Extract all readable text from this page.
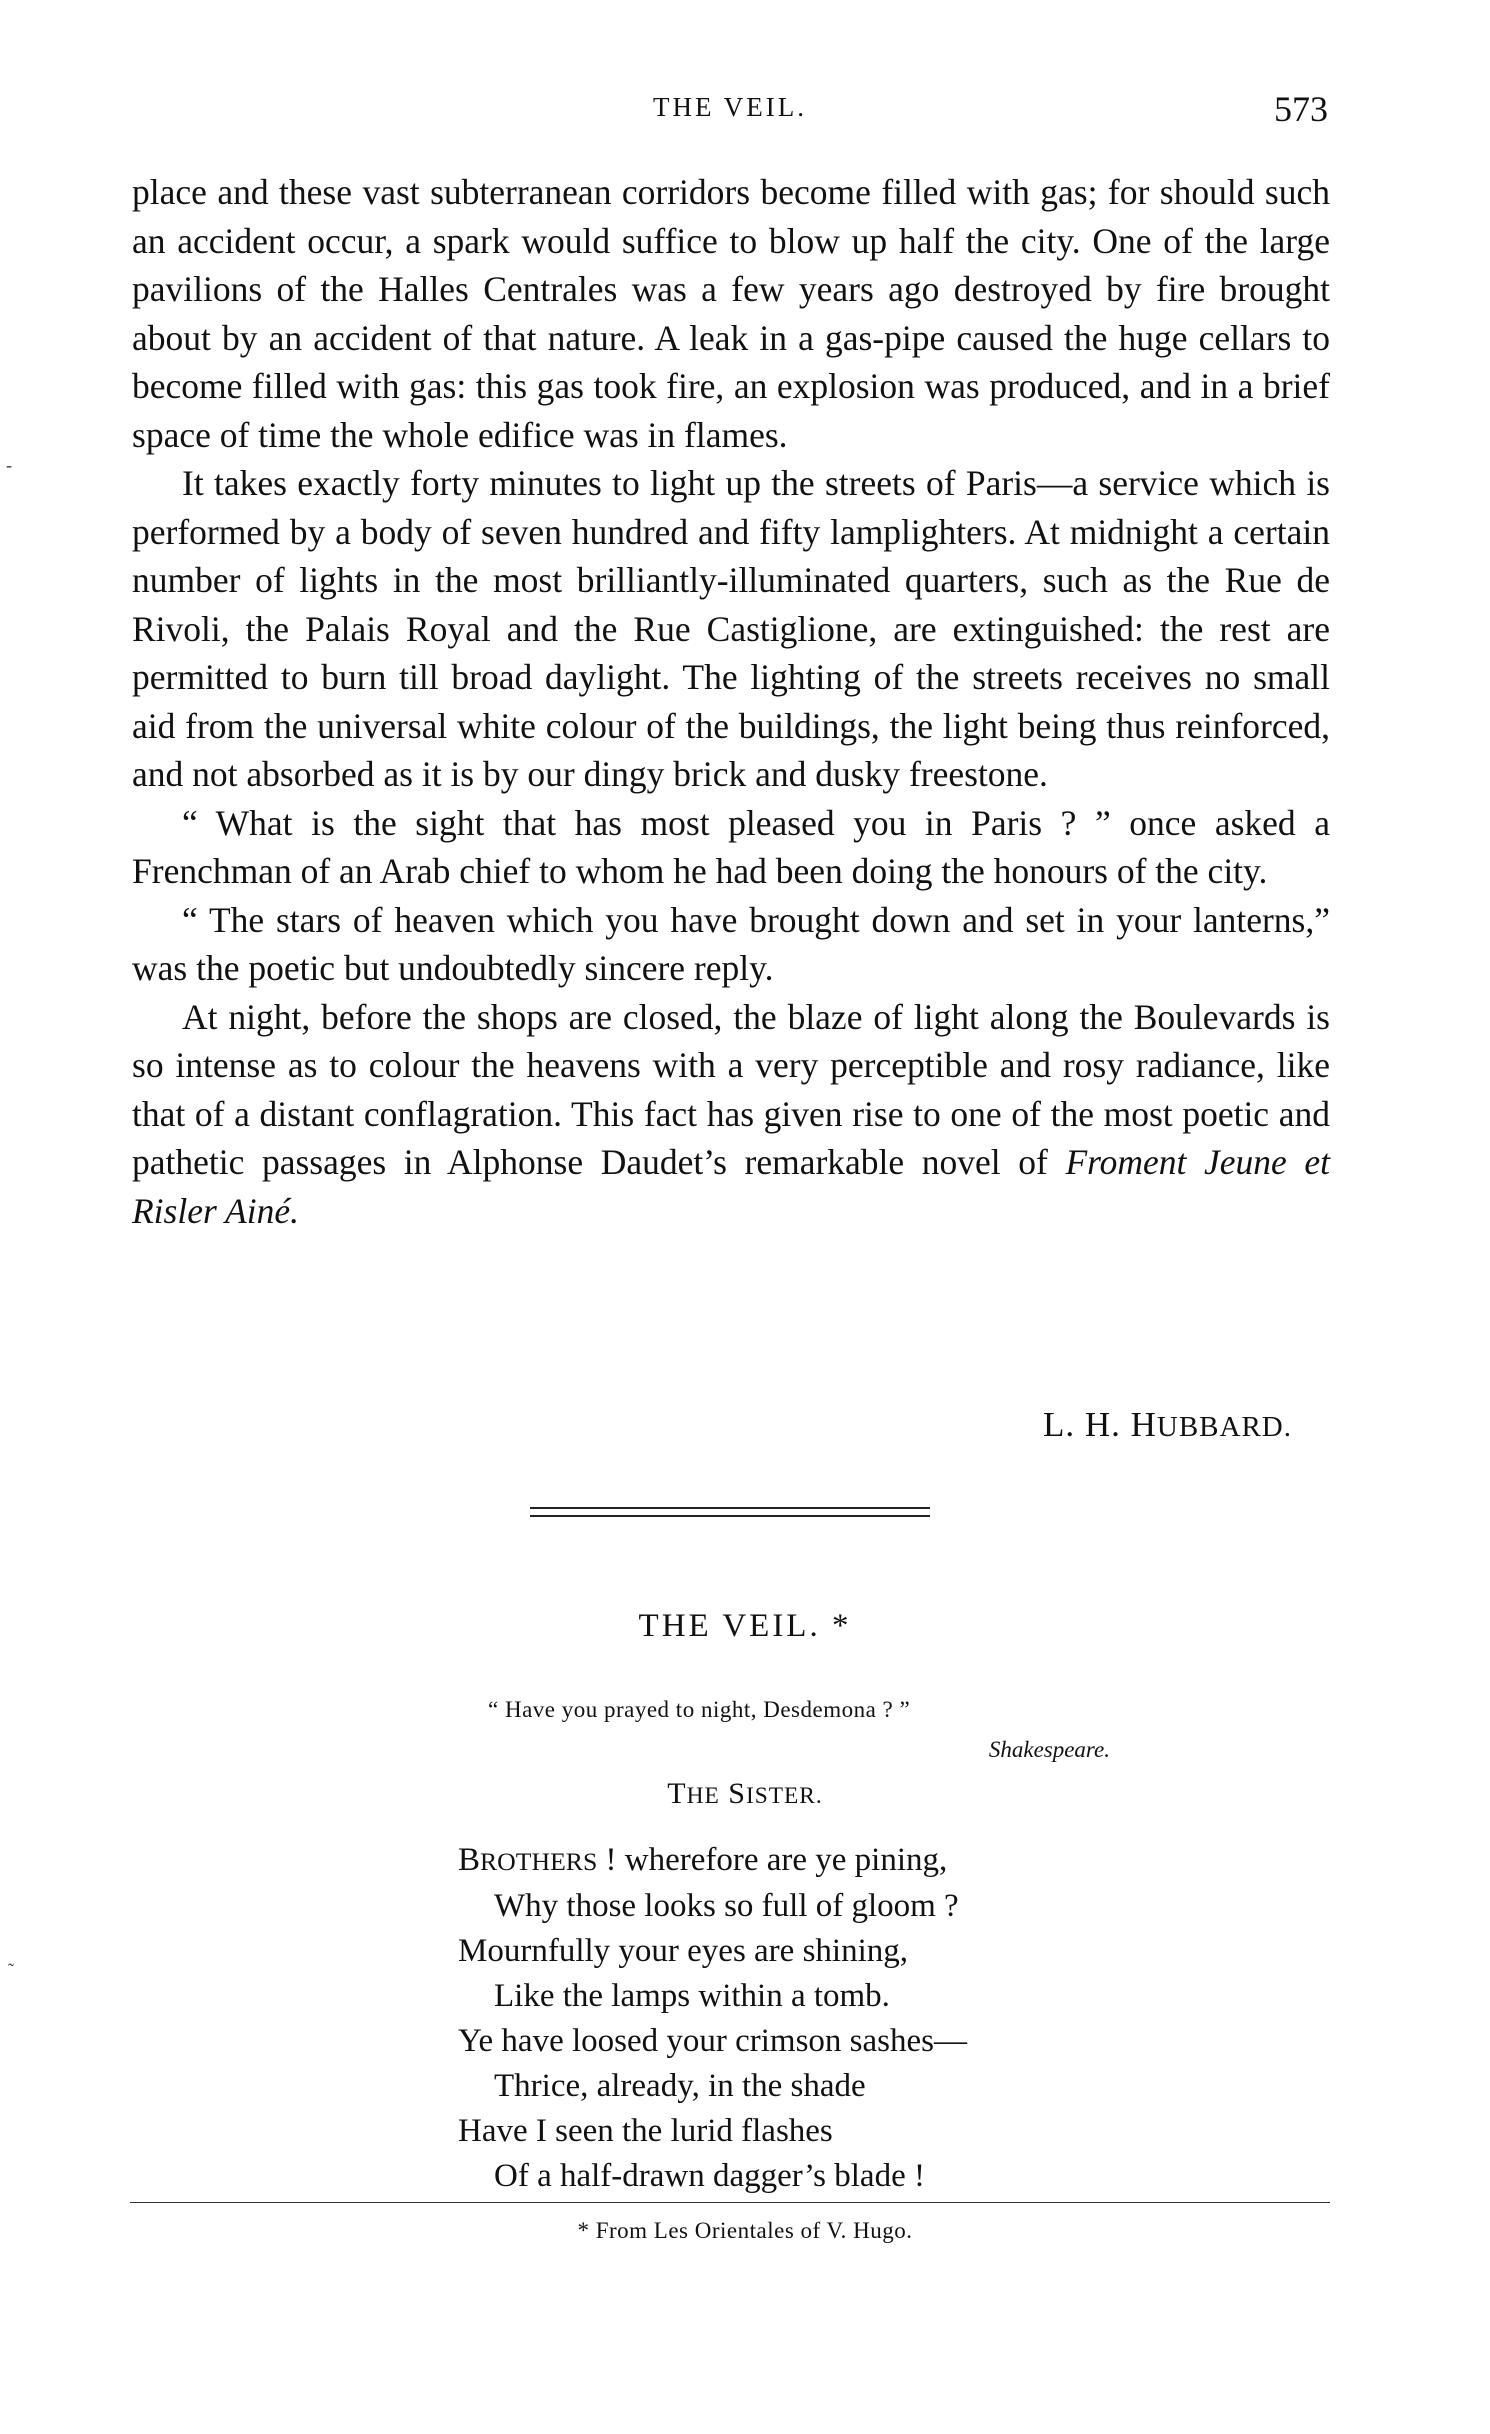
THE VEIL.	573

place and these vast subterranean corridors become filled with gas; for should such an accident occur, a spark would suffice to blow up half the city. One of the large pavilions of the Halles Centrales was a few years ago destroyed by fire brought about by an accident of that nature. A leak in a gas-pipe caused the huge cellars to become filled with gas: this gas took fire, an explosion was produced, and in a brief space of time the whole edifice was in flames.

It takes exactly forty minutes to light up the streets of Paris—a service which is performed by a body of seven hundred and fifty lamplighters. At midnight a certain number of lights in the most brilliantly-illuminated quarters, such as the Rue de Rivoli, the Palais Royal and the Rue Castiglione, are extinguished: the rest are permitted to burn till broad daylight. The lighting of the streets receives no small aid from the universal white colour of the buildings, the light being thus reinforced, and not absorbed as it is by our dingy brick and dusky freestone.

“ What is the sight that has most pleased you in Paris ? ” once asked a Frenchman of an Arab chief to whom he had been doing the honours of the city.

“ The stars of heaven which you have brought down and set in your lanterns,” was the poetic but undoubtedly sincere reply.

At night, before the shops are closed, the blaze of light along the Boulevards is so intense as to colour the heavens with a very perceptible and rosy radiance, like that of a distant conflagration. This fact has given rise to one of the most poetic and pathetic passages in Alphonse Daudet’s remarkable novel of Froment Jeune et Risler Ainé.

L. H. HUBBARD.
THE VEIL. *
“ Have you prayed to night, Desdemona ? ”
Shakespeare.
THE SISTER.
BROTHERS ! wherefore are ye pining,
Why those looks so full of gloom ?
Mournfully your eyes are shining,
Like the lamps within a tomb.
Ye have loosed your crimson sashes—
Thrice, already, in the shade
Have I seen the lurid flashes
Of a half-drawn dagger’s blade !
* From Les Orientales of V. Hugo.
-
˜
